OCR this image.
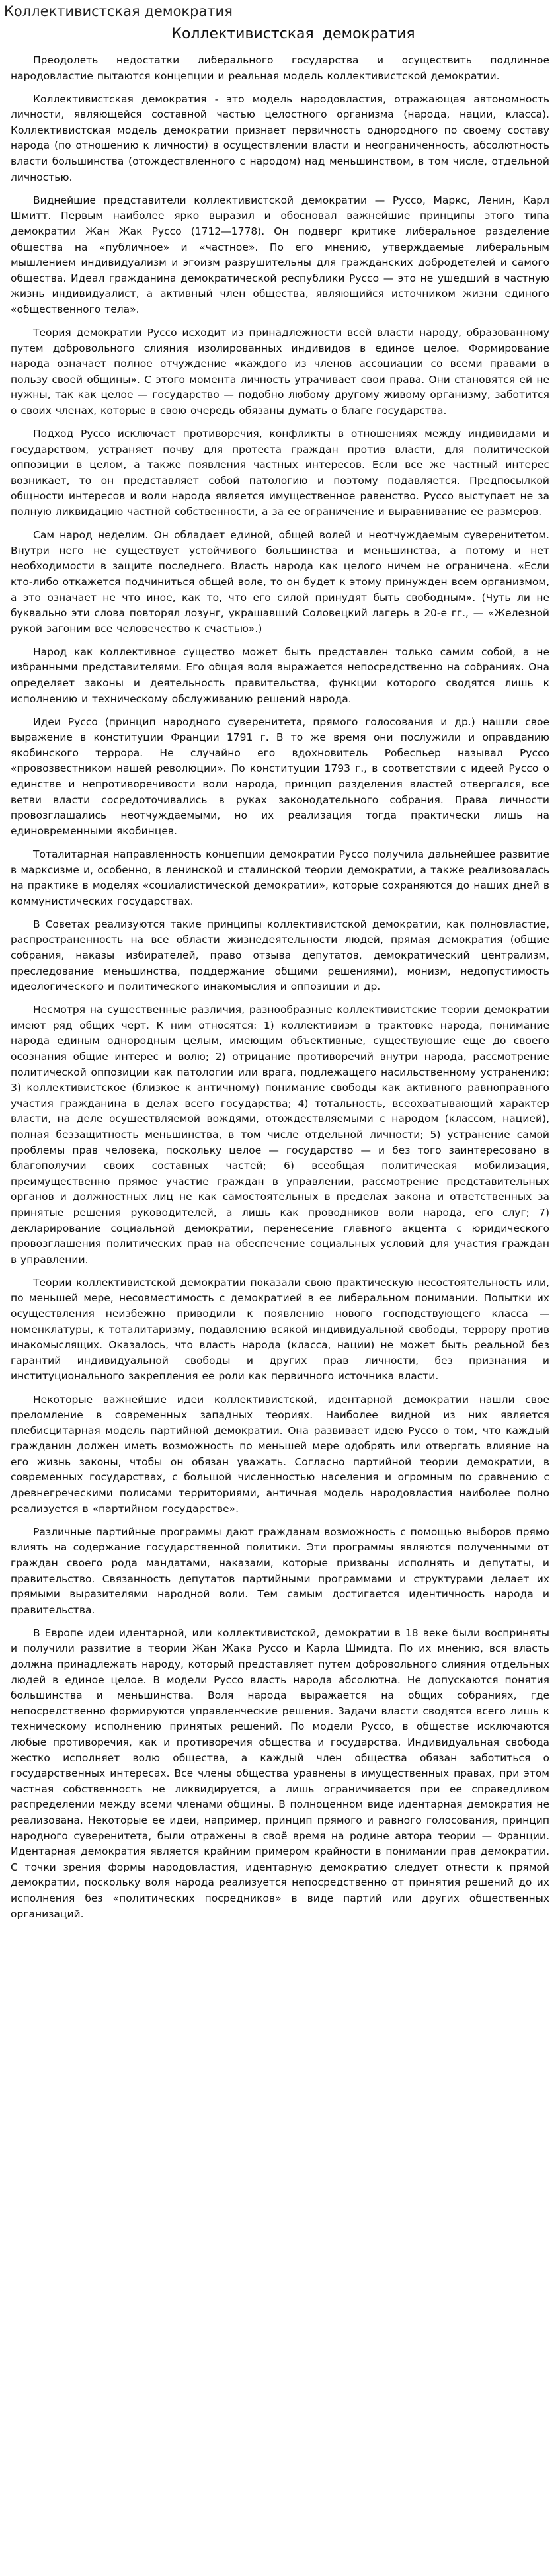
Коллективистская демократия
Коллективистская демократия

Преодолеть недостатки либерального государства и осуществить подлинное народовластие пытаются концепции и реальная модель коллективистской демократии.

Коллективистская демократия - это модель народовластия, отражающая автономность личности, являющейся составной частью целостного организма (народа, нации, класса). Коллективистская модель демократии признает первичность однородного по своему составу народа (по отношению к личности) в осуществлении власти и неограниченность, абсолютность власти большинства (отождествленного с народом) над меньшинством, в том числе, отдельной личностью.

Виднейшие представители коллективистской демократии — Руссо, Маркс, Ленин, Карл Шмитт. Первым наиболее ярко выразил и обосновал важнейшие принципы этого типа демократии Жан Жак Руссо (1712—1778). Он подверг критике либеральное разделение общества на «публичное» и «частное». По его мнению, утверждаемые либеральным мышлением индивидуализм и эгоизм разрушительны для гражданских добродетелей и самого общества. Идеал гражданина демократической республики Руссо — это не ушедший в частную жизнь индивидуалист, а активный член общества, являющийся источником жизни единого «общественного тела».

Теория демократии Руссо исходит из принадлежности всей власти народу, образованному путем добровольного слияния изолированных индивидов в единое целое. Формирование народа означает полное отчуждение «каждого из членов ассоциации со всеми правами в пользу своей общины». С этого момента личность утрачивает свои права. Они становятся ей не нужны, так как целое — государство — подобно любому другому живому организму, заботится о своих членах, которые в свою очередь обязаны думать о благе государства.

Подход Руссо исключает противоречия, конфликты в отношениях между индивидами и государством, устраняет почву для протеста граждан против власти, для политической оппозиции в целом, а также появления частных интересов. Если все же частный интерес возникает, то он представляет собой патологию и поэтому подавляется. Предпосылкой общности интересов и воли народа является имущественное равенство. Руссо выступает не за полную ликвидацию частной собственности, а за ее ограничение и выравнивание ее размеров.

Сам народ неделим. Он обладает единой, общей волей и неотчуждаемым суверенитетом. Внутри него не существует устойчивого большинства и меньшинства, а потому и нет необходимости в защите последнего. Власть народа как целого ничем не ограничена. «Если кто-либо откажется подчиниться общей воле, то он будет к этому принужден всем организмом, а это означает не что иное, как то, что его силой принудят быть свободным». (Чуть ли не буквально эти слова повторял лозунг, украшавший Соловецкий лагерь в 20-е гг., — «Железной рукой загоним все человечество к счастью».)

Народ как коллективное существо может быть представлен только самим собой, а не избранными представителями. Его общая воля выражается непосредственно на собраниях. Она определяет законы и деятельность правительства, функции которого сводятся лишь к исполнению и техническому обслуживанию решений народа.

Идеи Руссо (принцип народного суверенитета, прямого голосования и др.) нашли свое выражение в конституции Франции 1791 г. В то же время они послужили и оправданию якобинского террора. Не случайно его вдохновитель Робеспьер называл Руссо «провозвестником нашей революции». По конституции 1793 г., в соответствии с идеей Руссо о единстве и непротиворечивости воли народа, принцип разделения властей отвергался, все ветви власти сосредоточивались в руках законодательного собрания. Права личности провозглашались неотчуждаемыми, но их реализация тогда практически лишь на единовременными якобинцев.

Тоталитарная направленность концепции демократии Руссо получила дальнейшее развитие в марксизме и, особенно, в ленинской и сталинской теории демократии, а также реализовалась на практике в моделях «социалистической демократии», которые сохраняются до наших дней в коммунистических государствах.

В Советах реализуются такие принципы коллективистской демократии, как полновластие, распространенность на все области жизнедеятельности людей, прямая демократия (общие собрания, наказы избирателей, право отзыва депутатов, демократический централизм, преследование меньшинства, поддержание общими решениями), монизм, недопустимость идеологического и политического инакомыслия и оппозиции и др.

Несмотря на существенные различия, разнообразные коллективистские теории демократии имеют ряд общих черт. К ним относятся: 1) коллективизм в трактовке народа, понимание народа единым однородным целым, имеющим объективные, существующие еще до своего осознания общие интерес и волю; 2) отрицание противоречий внутри народа, рассмотрение политической оппозиции как патологии или врага, подлежащего насильственному устранению; 3) коллективистское (близкое к античному) понимание свободы как активного равноправного участия гражданина в делах всего государства; 4) тотальность, всеохватывающий характер власти, на деле осуществляемой вождями, отождествляемыми с народом (классом, нацией), полная беззащитность меньшинства, в том числе отдельной личности; 5) устранение самой проблемы прав человека, поскольку целое — государство — и без того заинтересовано в благополучии своих составных частей; 6) всеобщая политическая мобилизация, преимущественно прямое участие граждан в управлении, рассмотрение представительных органов и должностных лиц не как самостоятельных в пределах закона и ответственных за принятые решения руководителей, а лишь как проводников воли народа, его слуг; 7) декларирование социальной демократии, перенесение главного акцента с юридического провозглашения политических прав на обеспечение социальных условий для участия граждан в управлении.

Теории коллективистской демократии показали свою практическую несостоятельность или, по меньшей мере, несовместимость с демократией в ее либеральном понимании. Попытки их осуществления неизбежно приводили к появлению нового господствующего класса — номенклатуры, к тоталитаризму, подавлению всякой индивидуальной свободы, террору против инакомыслящих. Оказалось, что власть народа (класса, нации) не может быть реальной без гарантий индивидуальной свободы и других прав личности, без признания и институционального закрепления ее роли как первичного источника власти.

Некоторые важнейшие идеи коллективистской, идентарной демократии нашли свое преломление в современных западных теориях. Наиболее видной из них является плебисцитарная модель партийной демократии. Она развивает идею Руссо о том, что каждый гражданин должен иметь возможность по меньшей мере одобрять или отвергать влияние на его жизнь законы, чтобы он обязан уважать. Согласно партийной теории демократии, в современных государствах, с большой численностью населения и огромным по сравнению с древнегреческими полисами территориями, античная модель народовластия наиболее полно реализуется в «партийном государстве».

Различные партийные программы дают гражданам возможность с помощью выборов прямо влиять на содержание государственной политики. Эти программы являются полученными от граждан своего рода мандатами, наказами, которые призваны исполнять и депутаты, и правительство. Связанность депутатов партийными программами и структурами делает их прямыми выразителями народной воли. Тем самым достигается идентичность народа и правительства.

В Европе идеи идентарной, или коллективистской, демократии в 18 веке были восприняты и получили развитие в теории Жан Жака Руссо и Карла Шмидта. По их мнению, вся власть должна принадлежать народу, который представляет путем добровольного слияния отдельных людей в единое целое. В модели Руссо власть народа абсолютна. Не допускаются понятия большинства и меньшинства. Воля народа выражается на общих собраниях, где непосредственно формируются управленческие решения. Задачи власти сводятся всего лишь к техническому исполнению принятых решений. По модели Руссо, в обществе исключаются любые противоречия, как и противоречия общества и государства. Индивидуальная свобода жестко исполняет волю общества, а каждый член общества обязан заботиться о государственных интересах. Все члены общества уравнены в имущественных правах, при этом частная собственность не ликвидируется, а лишь ограничивается при ее справедливом распределении между всеми членами общины. В полноценном виде идентарная демократия не реализована. Некоторые ее идеи, например, принцип прямого и равного голосования, принцип народного суверенитета, были отражены в своё время на родине автора теории — Франции. Идентарная демократия является крайним примером крайности в понимании прав демократии. С точки зрения формы народовластия, идентарную демократию следует отнести к прямой демократии, поскольку воля народа реализуется непосредственно от принятия решений до их исполнения без «политических посредников» в виде партий или других общественных организаций.
